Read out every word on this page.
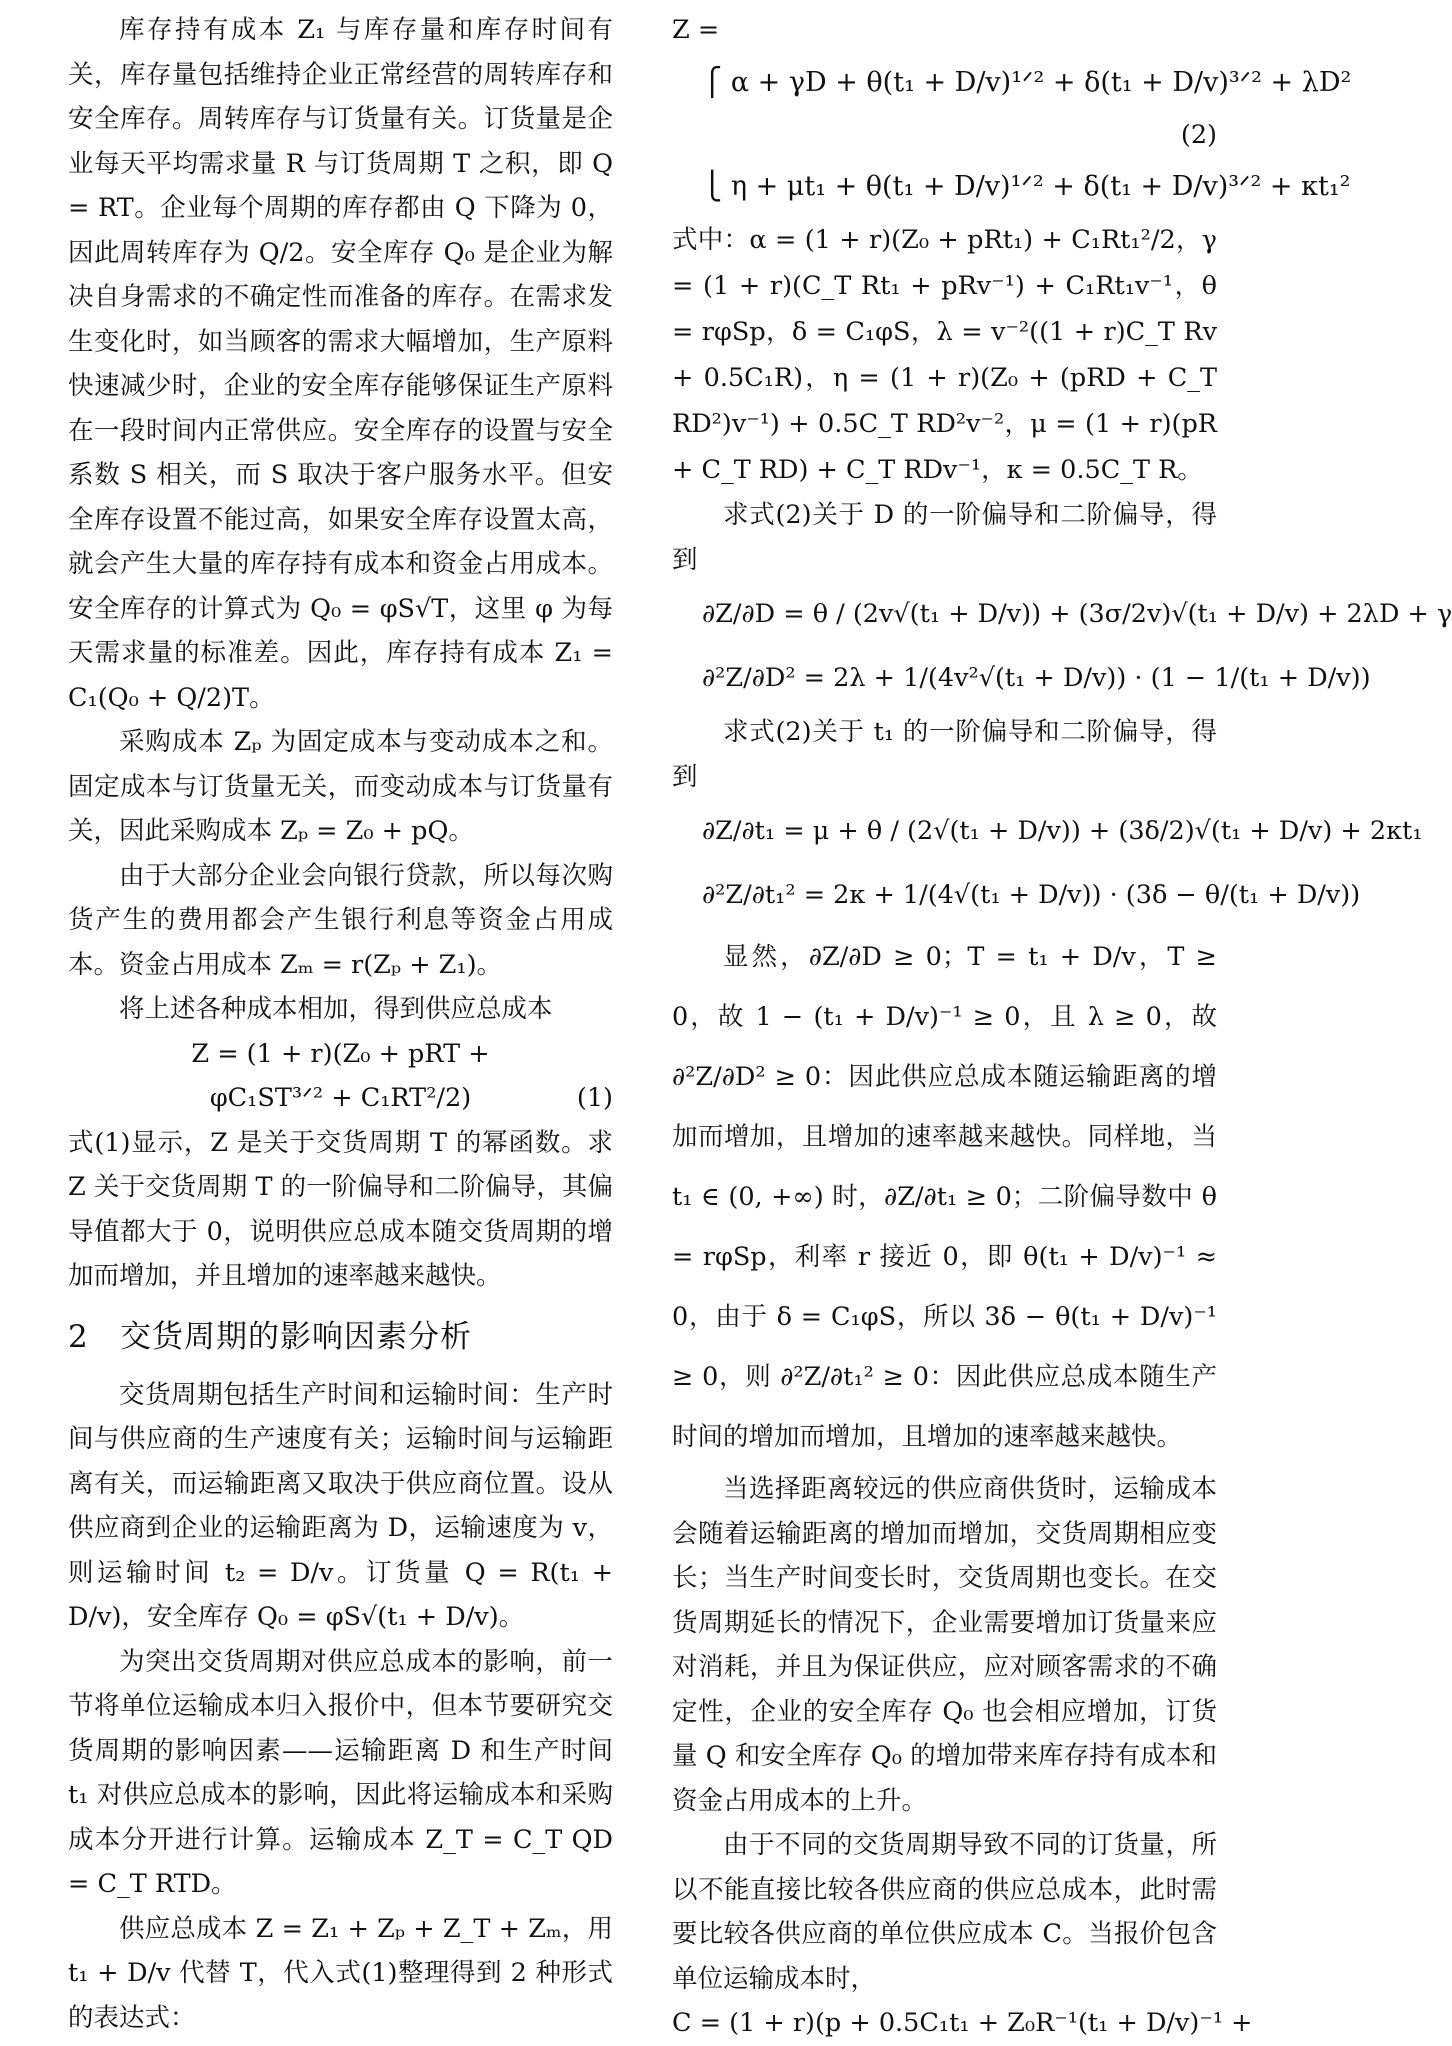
库存持有成本 Z₁ 与库存量和库存时间有关，库存量包括维持企业正常经营的周转库存和安全库存。周转库存与订货量有关。订货量是企业每天平均需求量 R 与订货周期 T 之积，即 Q = RT。企业每个周期的库存都由 Q 下降为 0，因此周转库存为 Q/2。安全库存 Q₀ 是企业为解决自身需求的不确定性而准备的库存。在需求发生变化时，如当顾客的需求大幅增加，生产原料快速减少时，企业的安全库存能够保证生产原料在一段时间内正常供应。安全库存的设置与安全系数 S 相关，而 S 取决于客户服务水平。但安全库存设置不能过高，如果安全库存设置太高，就会产生大量的库存持有成本和资金占用成本。安全库存的计算式为 Q₀ = φS√T，这里 φ 为每天需求量的标准差。因此，库存持有成本 Z₁ = C₁(Q₀ + Q/2)T。

采购成本 Zₚ 为固定成本与变动成本之和。固定成本与订货量无关，而变动成本与订货量有关，因此采购成本 Zₚ = Z₀ + pQ。

由于大部分企业会向银行贷款，所以每次购货产生的费用都会产生银行利息等资金占用成本。资金占用成本 Zₘ = r(Zₚ + Z₁)。

将上述各种成本相加，得到供应总成本

Z = (1 + r)(Z₀ + pRT +

φC₁ST³ᐟ² + C₁RT²/2)	(1)

式(1)显示，Z 是关于交货周期 T 的幂函数。求 Z 关于交货周期 T 的一阶偏导和二阶偏导，其偏导值都大于 0，说明供应总成本随交货周期的增加而增加，并且增加的速率越来越快。

2 交货周期的影响因素分析

交货周期包括生产时间和运输时间：生产时间与供应商的生产速度有关；运输时间与运输距离有关，而运输距离又取决于供应商位置。设从供应商到企业的运输距离为 D，运输速度为 v，则运输时间 t₂ = D/v。订货量 Q = R(t₁ + D/v)，安全库存 Q₀ = φS√(t₁ + D/v)。

为突出交货周期对供应总成本的影响，前一节将单位运输成本归入报价中，但本节要研究交货周期的影响因素——运输距离 D 和生产时间 t₁ 对供应总成本的影响，因此将运输成本和采购成本分开进行计算。运输成本 Z_T = C_T QD = C_T RTD。

供应总成本 Z = Z₁ + Zₚ + Z_T + Zₘ，用 t₁ + D/v 代替 T，代入式(1)整理得到 2 种形式的表达式：

Z =

⎧ α + γD + θ(t₁ + D/v)¹ᐟ² + δ(t₁ + D/v)³ᐟ² + λD²

(2)

⎩ η + μt₁ + θ(t₁ + D/v)¹ᐟ² + δ(t₁ + D/v)³ᐟ² + κt₁²

式中：α = (1 + r)(Z₀ + pRt₁) + C₁Rt₁²/2，γ = (1 + r)(C_T Rt₁ + pRv⁻¹) + C₁Rt₁v⁻¹，θ = rφSp，δ = C₁φS，λ = v⁻²((1 + r)C_T Rv + 0.5C₁R)，η = (1 + r)(Z₀ + (pRD + C_T RD²)v⁻¹) + 0.5C_T RD²v⁻²，μ = (1 + r)(pR + C_T RD) + C_T RDv⁻¹，κ = 0.5C_T R。

求式(2)关于 D 的一阶偏导和二阶偏导，得到

∂Z/∂D = θ / (2v√(t₁ + D/v)) + (3σ/2v)√(t₁ + D/v) + 2λD + γ

∂²Z/∂D² = 2λ + 1/(4v²√(t₁ + D/v)) · (1 − 1/(t₁ + D/v))

求式(2)关于 t₁ 的一阶偏导和二阶偏导，得到

∂Z/∂t₁ = μ + θ / (2√(t₁ + D/v)) + (3δ/2)√(t₁ + D/v) + 2κt₁

∂²Z/∂t₁² = 2κ + 1/(4√(t₁ + D/v)) · (3δ − θ/(t₁ + D/v))

显然，∂Z/∂D ≥ 0；T = t₁ + D/v，T ≥ 0，故 1 − (t₁ + D/v)⁻¹ ≥ 0，且 λ ≥ 0，故 ∂²Z/∂D² ≥ 0：因此供应总成本随运输距离的增加而增加，且增加的速率越来越快。同样地，当 t₁ ∈ (0, +∞) 时，∂Z/∂t₁ ≥ 0；二阶偏导数中 θ = rφSp，利率 r 接近 0，即 θ(t₁ + D/v)⁻¹ ≈ 0，由于 δ = C₁φS，所以 3δ − θ(t₁ + D/v)⁻¹ ≥ 0，则 ∂²Z/∂t₁² ≥ 0：因此供应总成本随生产时间的增加而增加，且增加的速率越来越快。

当选择距离较远的供应商供货时，运输成本会随着运输距离的增加而增加，交货周期相应变长；当生产时间变长时，交货周期也变长。在交货周期延长的情况下，企业需要增加订货量来应对消耗，并且为保证供应，应对顾客需求的不确定性，企业的安全库存 Q₀ 也会相应增加，订货量 Q 和安全库存 Q₀ 的增加带来库存持有成本和资金占用成本的上升。

由于不同的交货周期导致不同的订货量，所以不能直接比较各供应商的供应总成本，此时需要比较各供应商的单位供应成本 C。当报价包含单位运输成本时，

C = (1 + r)(p + 0.5C₁t₁ + Z₀R⁻¹(t₁ + D/v)⁻¹ +
